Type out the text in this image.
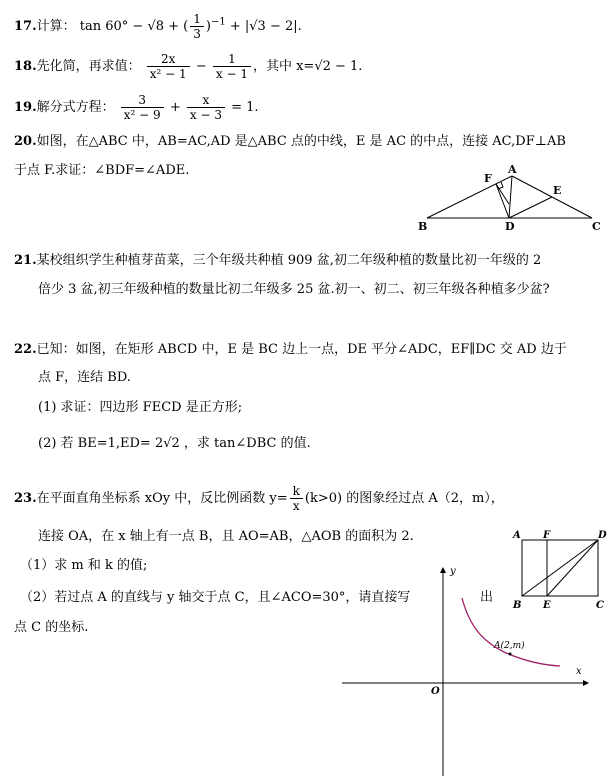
17.计算： tan 60° − √8 + ( $\frac{1}{3} )^{-1} + |√3 - 2|$.
18.先化简，再求值： $\frac{2x}{\text{x² − 1}} - \frac{1}{x - 1}$ ，其中 x=√2 − 1.
19.解分式方程： $\frac{3}{\text{x² − 9}} + \frac{x}{x - 3} = 1$.
20.如图，在△ABC 中，AB=AC,AD 是△ABC 点的中线，E 是 AC 的中点，连接 AC,DF⊥AB
于点 F.求证：∠BDF=∠ADE.	A
F
E
B	D	C
21.某校组织学生种植芽苗菜，三个年级共种植 909 盆,初二年级种植的数量比初一年级的 2
倍少 3 盆,初三年级种植的数量比初二年级多 25 盆.初一、初二、初三年级各种植多少盆?
22.已知：如图，在矩形 ABCD 中，E 是 BC 边上一点，DE 平分∠ADC，EF∥DC 交 AD 边于
点 F，连结 BD.
(1) 求证：四边形 FECD 是正方形;
(2) 若 BE=1,ED= 2√2 ，求 tan∠DBC 的值.
23.在平面直角坐标系 xOy 中，反比例函数 $y= \frac{k}{x} (k>0)$ 的图象经过点 A（2，m），
连接 OA，在 x 轴上有一点 B，且 AO=AB，△AOB 的面积为 2.
（1）求 m 和 k 的值;
（2）若过点 A 的直线与 y 轴交于点 C，且∠ACO=30°，请直接写	出
点 C 的坐标.
A F	D
B E	C
y
x
O
A(2,m)
